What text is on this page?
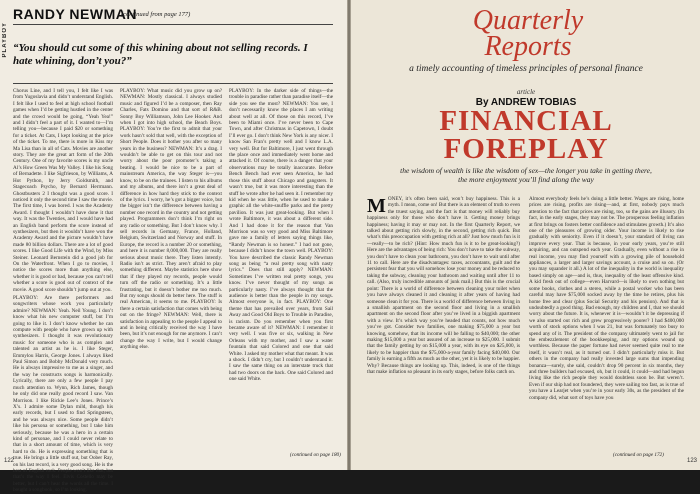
PLAYBOY
RANDY NEWMAN
(continued from page 177)
“You should cut some of this whining about not selling records. I hate whining, don’t you?”

Chorus Line, and I tell you, I felt like I was from Yugoslavia and didn’t understand English. I felt like I used to feel at high school football games when I’d be getting hustled in the center and the crowd would be going, “Yeah Yea!” and I didn’t feel a part of it. I wanted to—I’m telling you—because I paid $20 or something for a ticket. At Cats, I kept looking at the price of the ticket. To me, there is more in Kiss my Ma Lisa than in all of Cats. Movies are another story. They are the great art form of the 20th Century. One of my favorite scores is my uncle Al’s How Green Was My Valley. I like his Song of Bernadette. I like Sigfrieson, by Williams, A Hot Python, by Jerry Goldsmith, and Stagecoach Psycho, by Bernard Herrmann. Ghostbusters 2 I thought was a good score. I noticed it only the second time I saw the movie. The first time, I was bored. I was the Academy Award. I thought I wouldn’t have done it that way. It was the Twenties, and I would have had an English band perform the score instead of synthesizers, but then it wouldn’t have won the Academy Award and the picture wouldn’t have made 80 billion dollars. There are a lot of good scores. I like Good Life with the Wind, by Miss Steiner. Leonard Bernstein did a good job for On the Waterfront. When I go to movies, I notice the scores more than anything else, whether it is good or bad, because you can’t tell whether a score is good out of context of the movie. A good score shouldn’t jump out at you.

PLAYBOY: Are there performers and songwriters whose work you particularly admire? NEWMAN: Yeah. Neil Young. I don’t know what his new computer stuff, but I’m going to like it. I don’t know whether he can compute with people who have grown up with synthesizers. I thought it was revolutionary music for someone who is as complex and talented an artist as he is. I like Steger, Emmylou Harris, George Jones. I always liked Paul Simon and Bobby McDonald very much. He is always impressive to me as a singer, and the way he constructs songs is harmonically. Lyrically, there are only a few people I pay much attention to. Wynn, Rich James, though he only did one really good record I saw. Van Morrison. I like Rickie Lee’s Jones. Prince’s X’s. I admire some Dylan mild, though his early records, but I used to find Springsteen, and he was always nice. Some people didn’t like his persona or something, but I take him seriously, because he was a hero in a certain kind of personae, and I could never relate to that in a short amount of time, which is very hard to do. He is expressing something that is true. He brings a little stuff out, but Oober Ray, on his last record, is a very good song. He is the best of English rock. People won’t like that, but that’s the way I feel. Elvis Costello may be better, but I can’t hear the words all the time. I bought a songbook, so I’m looking.

PLAYBOY: What music did you grow up on? NEWMAN: Mostly classical. I always studied music and figured I’d be a composer, then Ray Charles, Fats Domino and that sort of R&B. Sonny Boy Williamson, John Lee Hooker. And when I got into high school, the Beach Boys. PLAYBOY: You’re the first to admit that your work hasn’t sold that well, with the exception of Short People. Does it bother you after so many years in the business? NEWMAN: It’s a drag. I wouldn’t be able to get on this tour and not worry about the poor promoter’s taking a beating. I would be nice to be a part of mainstream America, the way Steger is—you know, to be on the trainees. I listen to his albums and my albums, and there isn’t a great deal of difference in how hard they stick to the context of the lyrics. I worry, he’s got a bigger voice, but the bigger isn’t the difference between having a number one record in the country and not getting played. Programmers don’t think I’m right on any radio or something. But I don’t know why. I sell records in Germany, France, Holland, Belgium, Switzerland and Norway and stuff. In Europe, the record is a number 20 or something, and here it is number 8,000,000. They are really serious about music there. They listen intently. Radio isn’t as strict. They aren’t afraid to play something different. Maybe statistics here show that if they played my records, people would turn off the radio or something. It’s a little frustrating, but it doesn’t bother me too much. But my songs should do better here. The stuff is real American, it seems to me. PLAYBOY: Is there a certain satisfaction that comes with being out on the fringe? NEWMAN: Well, there is satisfaction in appealing to the people I appeal to and in being critically received the way I have been, but it’s not enough for me anymore. I can’t change the way I write, but I would change anything else.

PLAYBOY: In the darker side of things—the trouble in paradise rather than paradise itself—the side you see the most? NEWMAN: You see, I don’t necessarily know the places I am writing about well at all. Of those on this record, I’ve been to Miami once. I’ve never been to Cape Town, and after Christmas in Capetown, I doubt I’ll ever go. I don’t think New York is any nicer. I know San Fran’s pretty well and I know L.A. very well. But for Baltimore, I just went through the place once and immediately went home and attacked it. Of course, there is a danger that your observations may be totally inaccurate. Before Bench Bench had ever seen America, he had those this stuff about Chicago and gangsters. It wasn’t true, but it was more interesting than the stuff he wrote after he had seen it. I remember my kid when he was little, when he used to make a graphic all the white-snuffle parks and the pretty pavilion. It was just great-looking. But when I wrote Baltimore, it was about a different side. And I had done it for the reason that Van Morrison was so very good and Miss Baltimore gave me a family of letters saying things like, “Randy Newman is so honest.” I had not gone, because I didn’t know the town well. PLAYBOY: You have described the classic Randy Newman song as being “a real pretty song with nasty lyrics.” Does that still apply? NEWMAN: Sometimes I’ve written real pretty songs, you know. I’ve never thought of my songs as particularly nasty. I’ve always thought that the audience is better than the people in my songs. Almost everyone is, in fact. PLAYBOY: One theme that has prevailed over years, from Sail Away and Good Old Boys to Trouble in Paradise, is racism. Do you remember when you first became aware of it? NEWMAN: I remember it very well. I was five or six, walking in New Orleans with my mother, and I saw a water fountain that said Colored and one that said White. I asked my mother what that meant. It was a shock. I didn’t cry, but I couldn’t understand it. I saw the same thing on an interstate truck that had two doors on the back. One said Colored and one said White.

(continued on page 180)
122
Quarterly
Reports
a timely accounting of timeless principles of personal finance
article
By ANDREW TOBIAS
FINANCIAL
FOREPLAY
the wisdom of wealth is like the wisdom of sex—the longer you take in getting there, the more enjoyment you’ll find along the way

MONEY, it’s often been said, won’t buy happiness. This is a myth. I mean, come on! But there is an element of truth to even the truest saying, and the fact is that money will reliably buy happiness only for those who don’t have it. Getting money brings happiness; having it may or may not. In the first Quarterly Report, we talked about getting rich slowly, in the second, getting rich quick. But what’s this preoccupation with getting rich at all? Just how much fun is it—really—to be rich? (Hint: How much fun is it to be great-looking?) Here are the advantages of being rich: You don’t have to take the subway, you don’t have to clean your bathroom, you don’t have to wait until after 11 to call. Here are the disadvantages: taxes, accountants, guilt and the persistent fear that you will somehow lose your money and be reduced to taking the subway, cleaning your bathroom and waiting until after 11 to call. (Also, truly incredible amounts of junk mail.) But this is the crucial point: There is a world of difference between cleaning your toilet when you have always cleaned it and cleaning it after years of having had someone clean it for you. There is a world of difference between living in a smallish apartment on the second floor and living in a smallish apartment on the second floor after you’ve lived in a biggish apartment with a view. It’s which way you’re headed that counts, not how much you’ve got. Consider two families, one making $75,000 a year but knowing, somehow, that its income will be falling to $40,000; the other making $15,000 a year but assured of an increase to $25,000. I submit that the family getting by on $15,000 a year, with its eye on $25,000, is likely to be happier than the $75,000-a-year family facing $40,000. Our family is earning a fifth as much as the other, yet it is likely to be happier. Why? Because things are looking up. This, indeed, is one of the things that make inflation so pleasant in its early stages, before folks catch on.

Almost everybody feels he’s doing a little better. Wages are rising, home prices are rising, profits are rising—and, at first, nobody pays much attention to the fact that prices are rising, too, so the gains are illusory. (In fact, in the early stages, they may not be. The prosperous feeling inflation at first brings on fosters better confidence and stimulates growth.) It’s also one of the pleasures of growing older. Your income is likely to rise gradually with seniority. Even if it doesn’t, your standard of living can improve every year. That is because, in your early years, you’re still acquiring, and can outspend each year. Gradually, even without a rise in real income, you may find yourself with a growing pile of household appliances, a larger and larger savings account, a cruise and so on. (Or you may squander it all.) A lot of the inequality in the world is inequality based simply on age—and is, thus, inequality of the least offensive kind. A kid fresh out of college—even Harvard—is likely to own nothing but some books, clothes and a stereo, while a postal worker who has been careful may have $75,000 socked away by the time he retires, plus his home free and clear (plus Social Security and his pension). And that is undoubtedly a good thing. Bad enough, my children and I, that we should worry about the future. It is, whenever it is—wouldn’t it be depressing if we also started out rich and grew progressively poorer? I had $400,000 worth of stock options when I was 21, but was fortunately too busy to spend any of it. The president of the company ultimately went to jail for the embezzlement of the bookkeeping, and my options wound up worthless. Because the paper fortune had never seemed quite real to me itself, it wasn’t real, as it turned out. I didn’t particularly miss it. But others in the company had really invested large sums that impending bonanza—surely, she said, couldn’t drop 90 percent in six months, they and three builders had excused, oh, but it could, it could—and had begun living like the rich people they would doubtless soon be. But weren’t. Even if our ship had not foundered, they were sailing too fast, as is true of you have a Learjet when you’re in your early 30s, as the president of the company did, what sort of toys have you

(continued on page 172)
123
